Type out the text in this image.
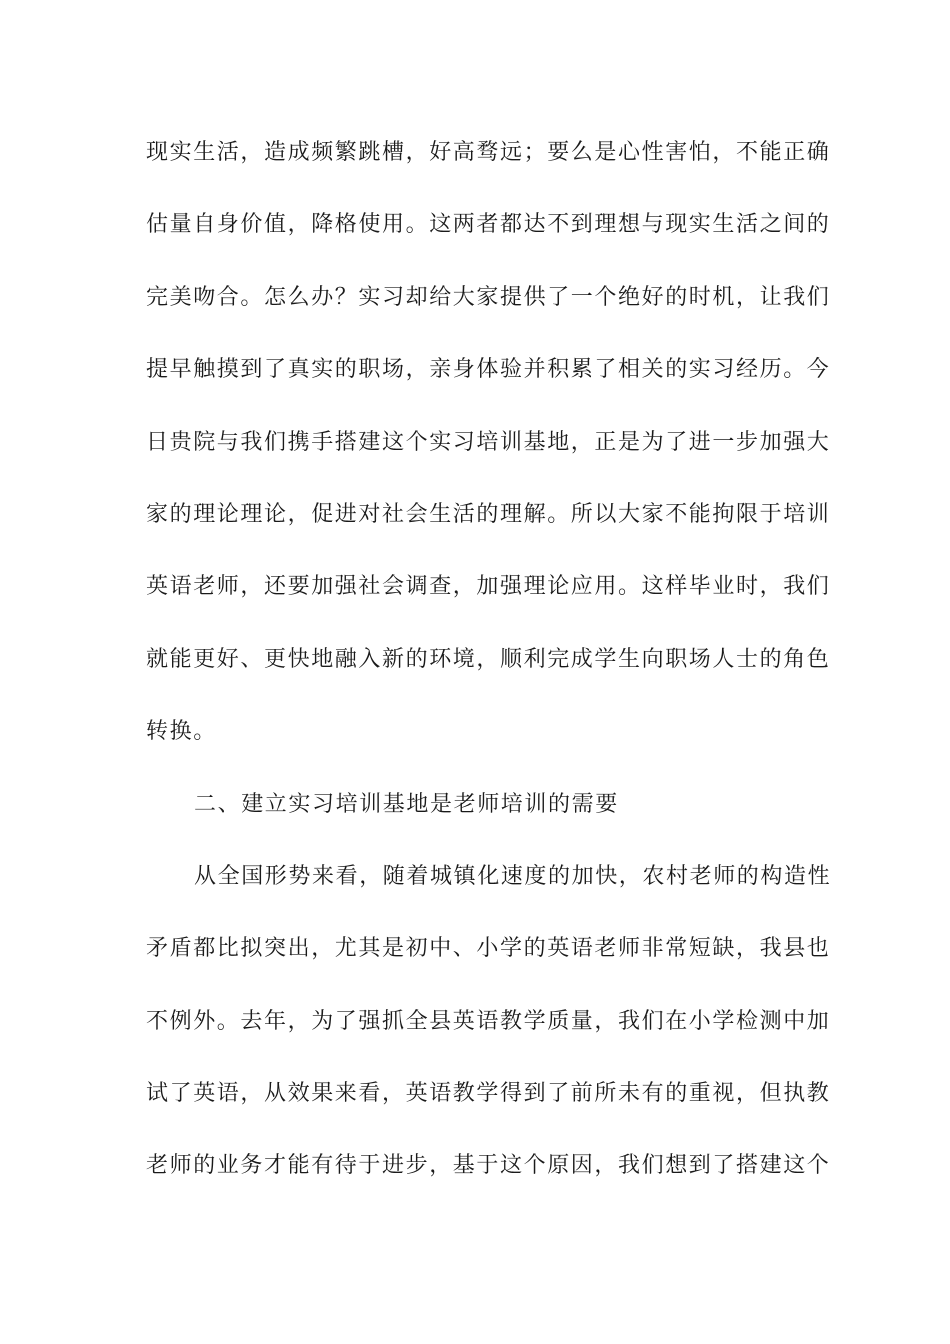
现实生活，造成频繁跳槽，好高骛远；要么是心性害怕，不能正确
估量自身价值，降格使用。这两者都达不到理想与现实生活之间的
完美吻合。怎么办？实习却给大家提供了一个绝好的时机，让我们
提早触摸到了真实的职场，亲身体验并积累了相关的实习经历。今
日贵院与我们携手搭建这个实习培训基地，正是为了进一步加强大
家的理论理论，促进对社会生活的理解。所以大家不能拘限于培训
英语老师，还要加强社会调查，加强理论应用。这样毕业时，我们
就能更好、更快地融入新的环境，顺利完成学生向职场人士的角色
转换。
二、建立实习培训基地是老师培训的需要
从全国形势来看，随着城镇化速度的加快，农村老师的构造性
矛盾都比拟突出，尤其是初中、小学的英语老师非常短缺，我县也
不例外。去年，为了强抓全县英语教学质量，我们在小学检测中加
试了英语，从效果来看，英语教学得到了前所未有的重视，但执教
老师的业务才能有待于进步，基于这个原因，我们想到了搭建这个
